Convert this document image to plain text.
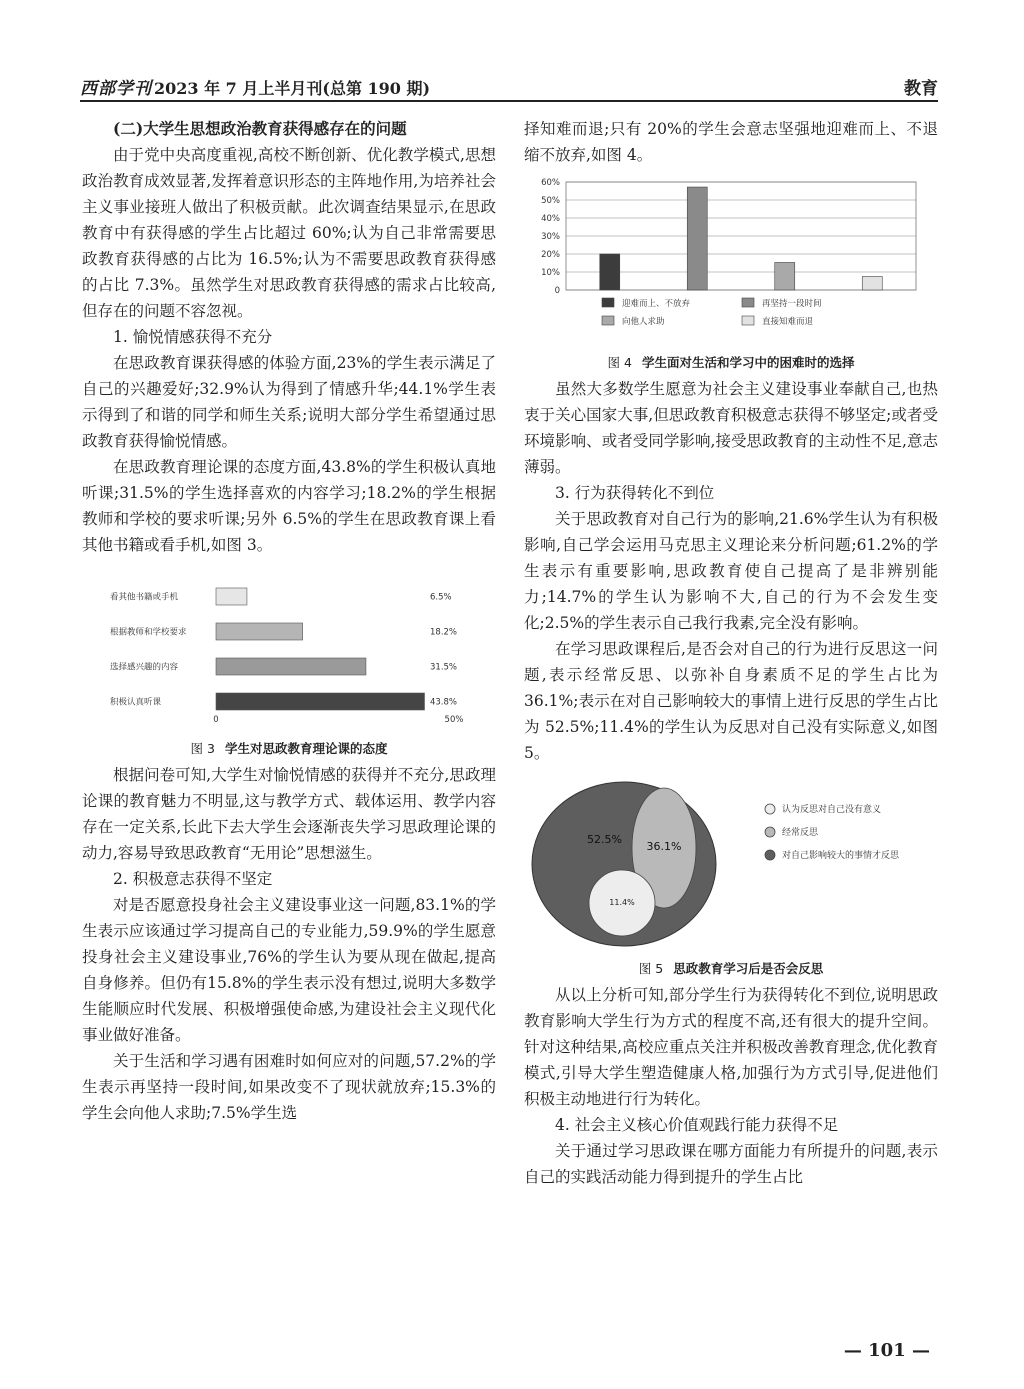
西部学刊 2023 年 7 月上半月刊(总第 190 期)	教育
(二)大学生思想政治教育获得感存在的问题

由于党中央高度重视,高校不断创新、优化教学模式,思想政治教育成效显著,发挥着意识形态的主阵地作用,为培养社会主义事业接班人做出了积极贡献。此次调查结果显示,在思政教育中有获得感的学生占比超过 60%;认为自己非常需要思政教育获得感的占比为 16.5%;认为不需要思政教育获得感的占比 7.3%。虽然学生对思政教育获得感的需求占比较高,但存在的问题不容忽视。

1. 愉悦情感获得不充分

在思政教育课获得感的体验方面,23%的学生表示满足了自己的兴趣爱好;32.9%认为得到了情感升华;44.1%学生表示得到了和谐的同学和师生关系;说明大部分学生希望通过思政教育获得愉悦情感。

在思政教育理论课的态度方面,43.8%的学生积极认真地听课;31.5%的学生选择喜欢的内容学习;18.2%的学生根据教师和学校的要求听课;另外 6.5%的学生在思政教育课上看其他书籍或看手机,如图 3。

看其他书籍或手机	6.5%
根据教师和学校要求	18.2%
选择感兴趣的内容	31.5%
积极认真听课	43.8%
0	50%
图 3 学生对思政教育理论课的态度

根据问卷可知,大学生对愉悦情感的获得并不充分,思政理论课的教育魅力不明显,这与教学方式、载体运用、教学内容存在一定关系,长此下去大学生会逐渐丧失学习思政理论课的动力,容易导致思政教育“无用论”思想滋生。

2. 积极意志获得不坚定

对是否愿意投身社会主义建设事业这一问题,83.1%的学生表示应该通过学习提高自己的专业能力,59.9%的学生愿意投身社会主义建设事业,76%的学生认为要从现在做起,提高自身修养。但仍有15.8%的学生表示没有想过,说明大多数学生能顺应时代发展、积极增强使命感,为建设社会主义现代化事业做好准备。

关于生活和学习遇有困难时如何应对的问题,57.2%的学生表示再坚持一段时间,如果改变不了现状就放弃;15.3%的学生会向他人求助;7.5%学生选

择知难而退;只有 20%的学生会意志坚强地迎难而上、不退缩不放弃,如图 4。

0
10%
20%
30%
40%
50%
60%
迎难而上、不放弃	再坚持一段时间
向他人求助	直接知难而退
图 4 学生面对生活和学习中的困难时的选择

虽然大多数学生愿意为社会主义建设事业奉献自己,也热衷于关心国家大事,但思政教育积极意志获得不够坚定;或者受环境影响、或者受同学影响,接受思政教育的主动性不足,意志薄弱。

3. 行为获得转化不到位

关于思政教育对自己行为的影响,21.6%学生认为有积极影响,自己学会运用马克思主义理论来分析问题;61.2%的学生表示有重要影响,思政教育使自己提高了是非辨别能力;14.7%的学生认为影响不大,自己的行为不会发生变化;2.5%的学生表示自己我行我素,完全没有影响。

在学习思政课程后,是否会对自己的行为进行反思这一问题,表示经常反思、以弥补自身素质不足的学生占比为 36.1%;表示在对自己影响较大的事情上进行反思的学生占比为 52.5%;11.4%的学生认为反思对自己没有实际意义,如图 5。

52.5%
36.1%
11.4%
认为反思对自己没有意义
经常反思
对自己影响较大的事情才反思
图 5 思政教育学习后是否会反思

从以上分析可知,部分学生行为获得转化不到位,说明思政教育影响大学生行为方式的程度不高,还有很大的提升空间。针对这种结果,高校应重点关注并积极改善教育理念,优化教育模式,引导大学生塑造健康人格,加强行为方式引导,促进他们积极主动地进行行为转化。

4. 社会主义核心价值观践行能力获得不足

关于通过学习思政课在哪方面能力有所提升的问题,表示自己的实践活动能力得到提升的学生占比

— 101 —
